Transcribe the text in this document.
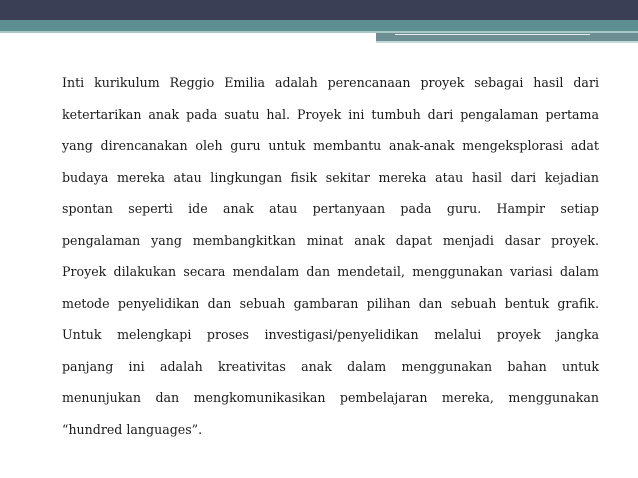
Inti kurikulum Reggio Emilia adalah perencanaan proyek sebagai hasil dari
ketertarikan anak pada suatu hal. Proyek ini tumbuh dari pengalaman pertama
yang direncanakan oleh guru untuk membantu anak-anak mengeksplorasi adat
budaya mereka atau lingkungan fisik sekitar mereka atau hasil dari kejadian
spontan seperti ide anak atau pertanyaan pada guru. Hampir setiap
pengalaman yang membangkitkan minat anak dapat menjadi dasar proyek.
Proyek dilakukan secara mendalam dan mendetail, menggunakan variasi dalam
metode penyelidikan dan sebuah gambaran pilihan dan sebuah bentuk grafik.
Untuk melengkapi proses investigasi/penyelidikan melalui proyek jangka
panjang ini adalah kreativitas anak dalam menggunakan bahan untuk
menunjukan dan mengkomunikasikan pembelajaran mereka, menggunakan
“hundred languages”.
